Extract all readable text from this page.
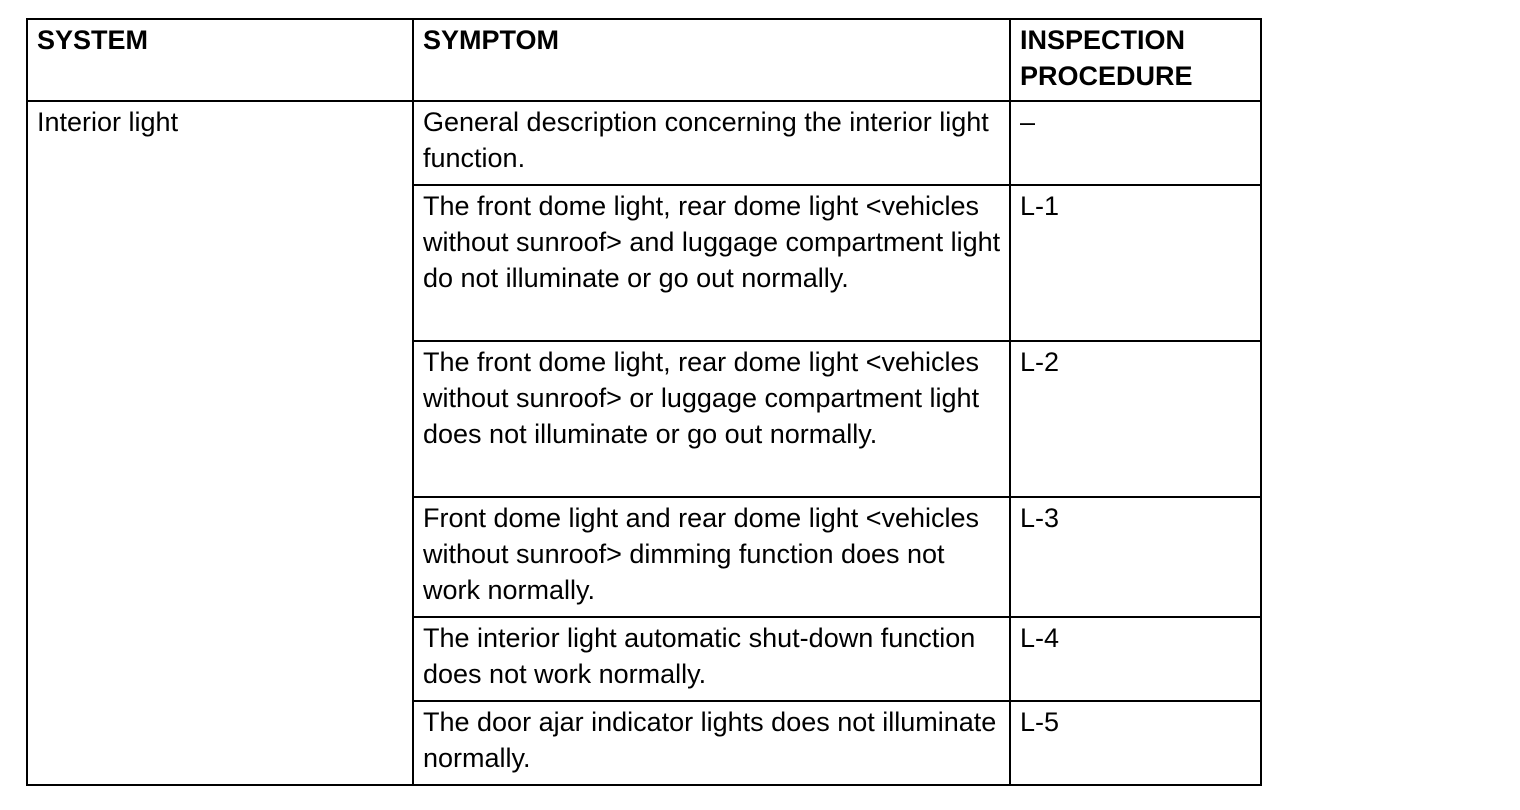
SYSTEM	SYMPTOM	INSPECTION PROCEDURE
Interior light	General description concerning the interior light function.	–
	The front dome light, rear dome light <vehicles without sunroof> and luggage compartment light do not illuminate or go out normally.	L-1
	The front dome light, rear dome light <vehicles without sunroof> or luggage compartment light does not illuminate or go out normally.	L-2
	Front dome light and rear dome light <vehicles without sunroof> dimming function does not work normally.	L-3
	The interior light automatic shut-down function does not work normally.	L-4
	The door ajar indicator lights does not illuminate normally.	L-5
